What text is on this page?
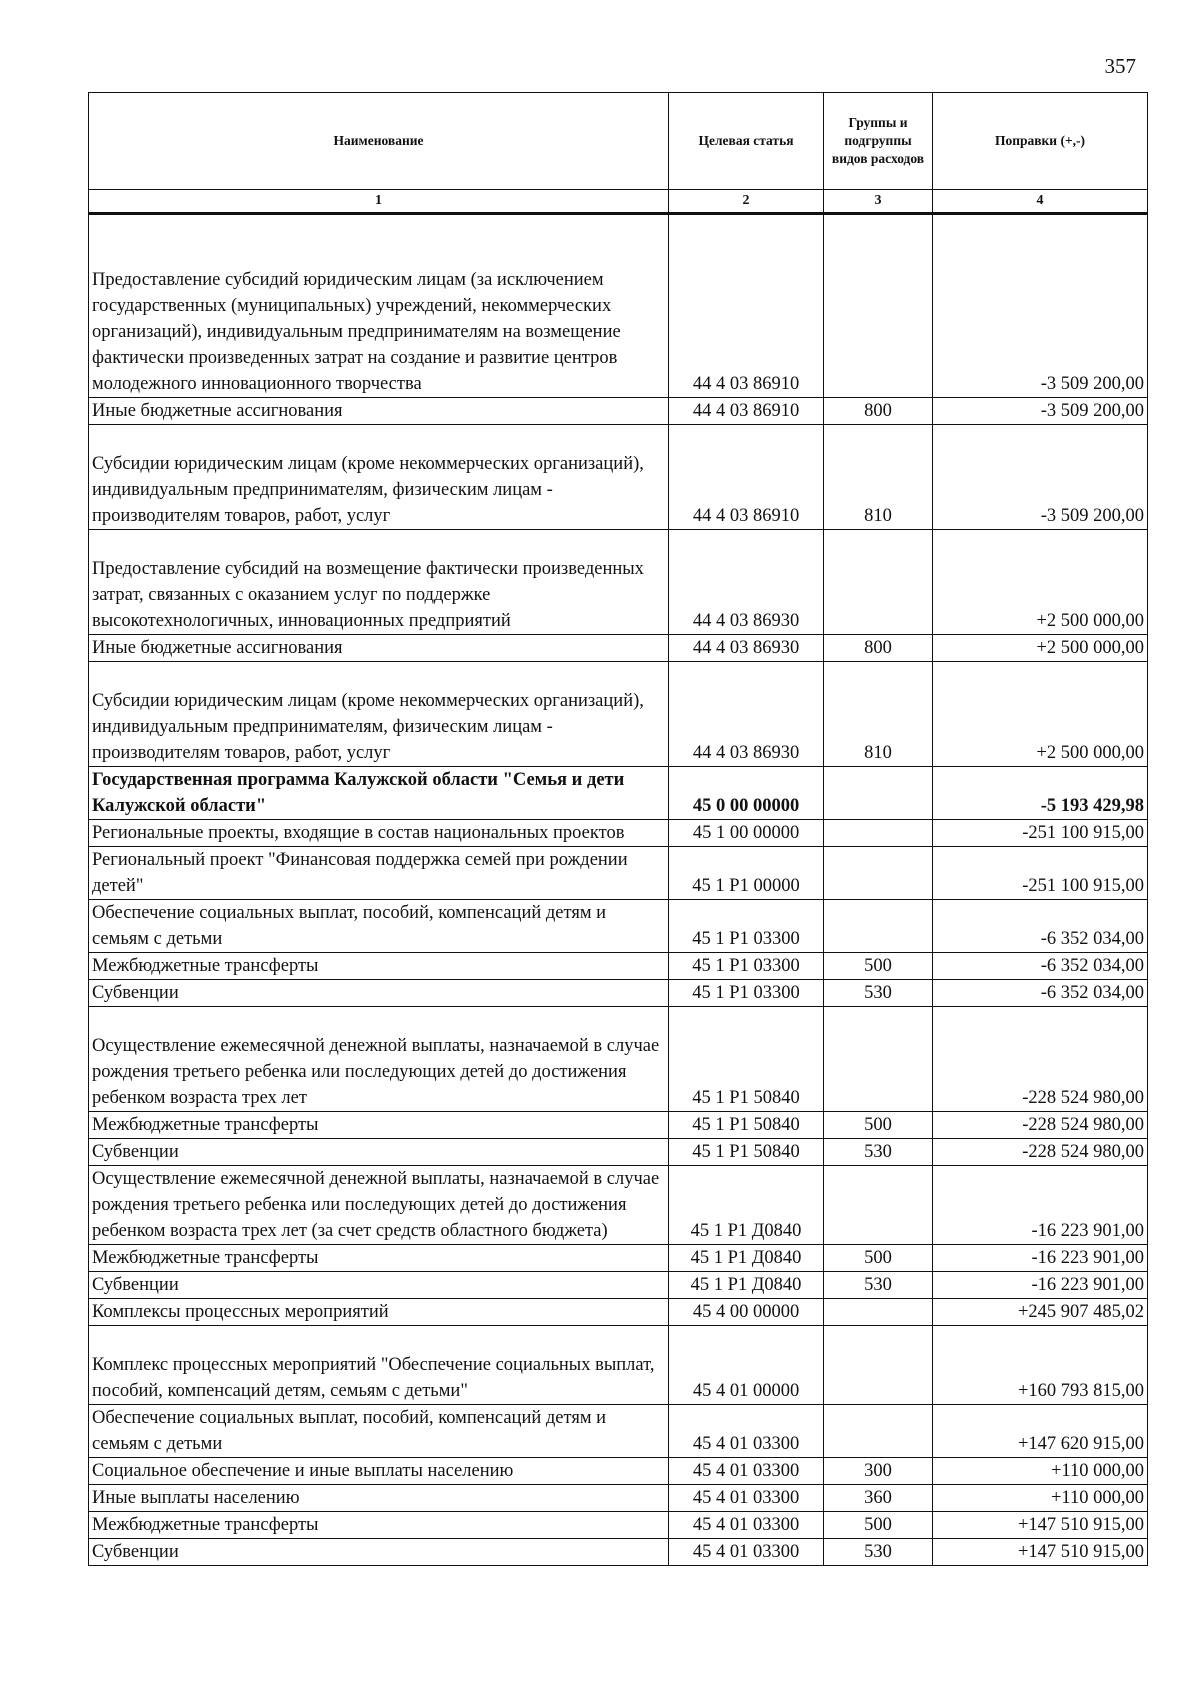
357
Наименование	Целевая статья	Группы и подгруппы видов расходов	Поправки (+,-)
1	2	3	4
Предоставление субсидий юридическим лицам (за исключением государственных (муниципальных) учреждений, некоммерческих организаций), индивидуальным предпринимателям на возмещение фактически произведенных затрат на создание и развитие центров молодежного инновационного творчества	44 4 03 86910		-3 509 200,00
Иные бюджетные ассигнования	44 4 03 86910	800	-3 509 200,00
Субсидии юридическим лицам (кроме некоммерческих организаций), индивидуальным предпринимателям, физическим лицам - производителям товаров, работ, услуг	44 4 03 86910	810	-3 509 200,00
Предоставление субсидий на возмещение фактически произведенных затрат, связанных с оказанием услуг по поддержке высокотехнологичных, инновационных предприятий	44 4 03 86930		+2 500 000,00
Иные бюджетные ассигнования	44 4 03 86930	800	+2 500 000,00
Субсидии юридическим лицам (кроме некоммерческих организаций), индивидуальным предпринимателям, физическим лицам - производителям товаров, работ, услуг	44 4 03 86930	810	+2 500 000,00
Государственная программа Калужской области "Семья и дети Калужской области"	45 0 00 00000		-5 193 429,98
Региональные проекты, входящие в состав национальных проектов	45 1 00 00000		-251 100 915,00
Региональный проект "Финансовая поддержка семей при рождении детей"	45 1 P1 00000		-251 100 915,00
Обеспечение социальных выплат, пособий, компенсаций детям и семьям с детьми	45 1 P1 03300		-6 352 034,00
Межбюджетные трансферты	45 1 P1 03300	500	-6 352 034,00
Субвенции	45 1 P1 03300	530	-6 352 034,00
Осуществление ежемесячной денежной выплаты, назначаемой в случае рождения третьего ребенка или последующих детей до достижения ребенком возраста трех лет	45 1 P1 50840		-228 524 980,00
Межбюджетные трансферты	45 1 P1 50840	500	-228 524 980,00
Субвенции	45 1 P1 50840	530	-228 524 980,00
Осуществление ежемесячной денежной выплаты, назначаемой в случае рождения третьего ребенка или последующих детей до достижения ребенком возраста трех лет (за счет средств областного бюджета)	45 1 P1 Д0840		-16 223 901,00
Межбюджетные трансферты	45 1 P1 Д0840	500	-16 223 901,00
Субвенции	45 1 P1 Д0840	530	-16 223 901,00
Комплексы процессных мероприятий	45 4 00 00000		+245 907 485,02
Комплекс процессных мероприятий "Обеспечение социальных выплат, пособий, компенсаций детям, семьям с детьми"	45 4 01 00000		+160 793 815,00
Обеспечение социальных выплат, пособий, компенсаций детям и семьям с детьми	45 4 01 03300		+147 620 915,00
Социальное обеспечение и иные выплаты населению	45 4 01 03300	300	+110 000,00
Иные выплаты населению	45 4 01 03300	360	+110 000,00
Межбюджетные трансферты	45 4 01 03300	500	+147 510 915,00
Субвенции	45 4 01 03300	530	+147 510 915,00
